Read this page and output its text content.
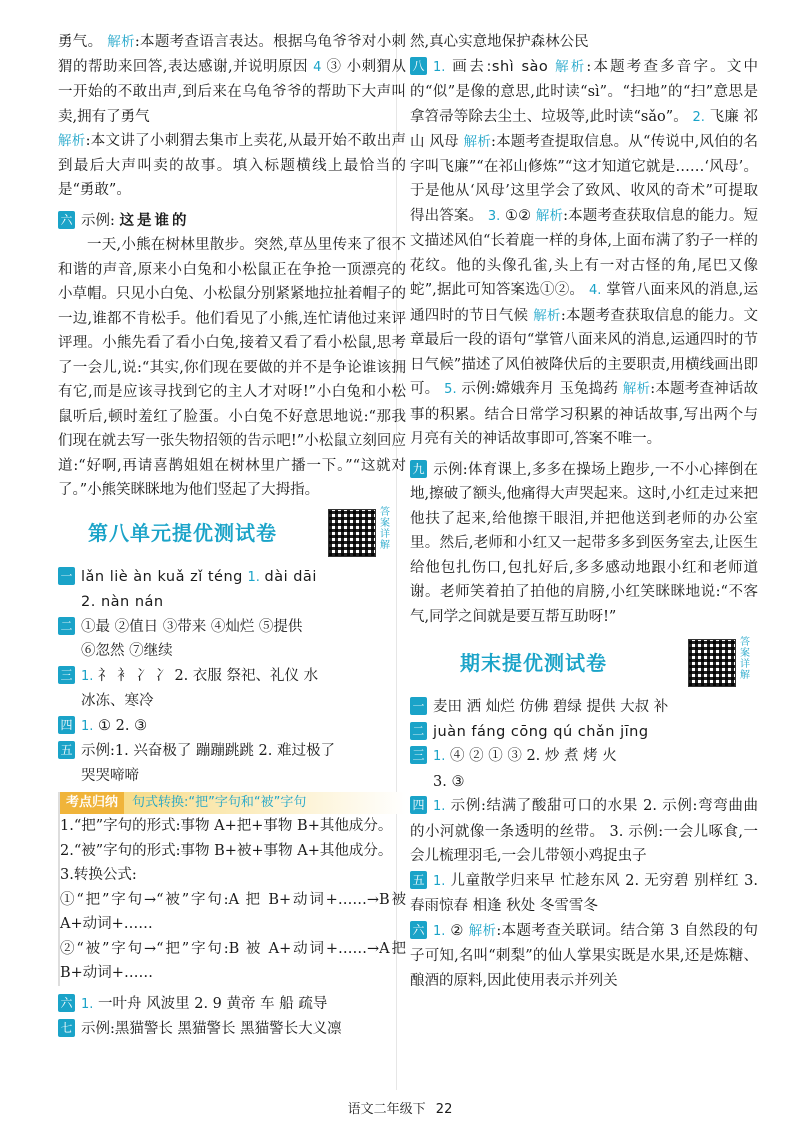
勇气。 解析:本题考查语言表达。根据乌龟爷爷对小刺猬的帮助来回答,表达感谢,并说明原因 4 ③ 小刺猬从一开始的不敢出声,到后来在乌龟爷爷的帮助下大声叫卖,拥有了勇气

解析:本文讲了小刺猬去集市上卖花,从最开始不敢出声到最后大声叫卖的故事。填入标题横线上最恰当的是“勇敢”。

六 示例: 这是谁的

一天,小熊在树林里散步。突然,草丛里传来了很不和谐的声音,原来小白兔和小松鼠正在争抢一顶漂亮的小草帽。只见小白兔、小松鼠分别紧紧地拉扯着帽子的一边,谁都不肯松手。他们看见了小熊,连忙请他过来评评理。小熊先看了看小白兔,接着又看了看小松鼠,思考了一会儿,说:“其实,你们现在要做的并不是争论谁该拥有它,而是应该寻找到它的主人才对呀!”小白兔和小松鼠听后,顿时羞红了脸蛋。小白兔不好意思地说:“那我们现在就去写一张失物招领的告示吧!”小松鼠立刻回应道:“好啊,再请喜鹊姐姐在树林里广播一下。”“这就对了。”小熊笑眯眯地为他们竖起了大拇指。

第八单元提优测试卷
答案详解
一 lǎn liè àn kuǎ zǐ téng 1. dài dāi
2. nàn nán
二 ①最 ②值日 ③带来 ④灿烂 ⑤提供
⑥忽然 ⑦继续
三 1. 礻 衤 冫 冫 2. 衣服 祭祀、礼仪 水
冰冻、寒冷
四 1. ① 2. ③
五 示例:1. 兴奋极了 蹦蹦跳跳 2. 难过极了
哭哭啼啼
考点归纳 句式转换:“把”字句和“被”字句

1.“把”字句的形式:事物 A+把+事物 B+其他成分。

2.“被”字句的形式:事物 B+被+事物 A+其他成分。

3.转换公式:

①“把”字句→“被”字句:A 把 B+动词+……→B被 A+动词+……

②“被”字句→“把”字句:B 被 A+动词+……→A把 B+动词+……

六 1. 一叶舟 风波里 2. 9 黄帝 车 船 疏导
七 示例:黑猫警长 黑猫警长 黑猫警长大义凛
然,真心实意地保护森林公民

八 1. 画去:shì sào 解析:本题考查多音字。文中的“似”是像的意思,此时读“sì”。“扫地”的“扫”意思是拿笤帚等除去尘土、垃圾等,此时读“sǎo”。 2. 飞廉 祁山 风母 解析:本题考查提取信息。从“传说中,风伯的名字叫飞廉”“在祁山修炼”“这才知道它就是……‘风母’。于是他从‘风母’这里学会了致风、收风的奇术”可提取得出答案。 3. ①② 解析:本题考查获取信息的能力。短文描述风伯“长着鹿一样的身体,上面布满了豹子一样的花纹。他的头像孔雀,头上有一对古怪的角,尾巴又像蛇”,据此可知答案选①②。 4. 掌管八面来风的消息,运通四时的节日气候 解析:本题考查获取信息的能力。文章最后一段的语句“掌管八面来风的消息,运通四时的节日气候”描述了风伯被降伏后的主要职责,用横线画出即可。 5. 示例:嫦娥奔月 玉兔捣药 解析:本题考查神话故事的积累。结合日常学习积累的神话故事,写出两个与月亮有关的神话故事即可,答案不唯一。

九 示例:体育课上,多多在操场上跑步,一不小心摔倒在地,擦破了额头,他痛得大声哭起来。这时,小红走过来把他扶了起来,给他擦干眼泪,并把他送到老师的办公室里。然后,老师和小红又一起带多多到医务室去,让医生给他包扎伤口,包扎好后,多多感动地跟小红和老师道谢。老师笑着拍了拍他的肩膀,小红笑眯眯地说:“不客气,同学之间就是要互帮互助呀!”

期末提优测试卷
答案详解
一 麦田 洒 灿烂 仿佛 碧绿 提供 大叔 补
二 juàn fáng cōng qú chǎn jīng
三 1. ④ ② ① ③ 2. 炒 煮 烤 火
3. ③

四 1. 示例:结满了酸甜可口的水果 2. 示例:弯弯曲曲的小河就像一条透明的丝带。 3. 示例:一会儿啄食,一会儿梳理羽毛,一会儿带领小鸡捉虫子

五 1. 儿童散学归来早 忙趁东风 2. 无穷碧 别样红 3. 春雨惊春 相逢 秋处 冬雪雪冬

六 1. ② 解析:本题考查关联词。结合第 3 自然段的句子可知,名叫“刺梨”的仙人掌果实既是水果,还是炼糖、酿酒的原料,因此使用表示并列关

语文二年级下 22
